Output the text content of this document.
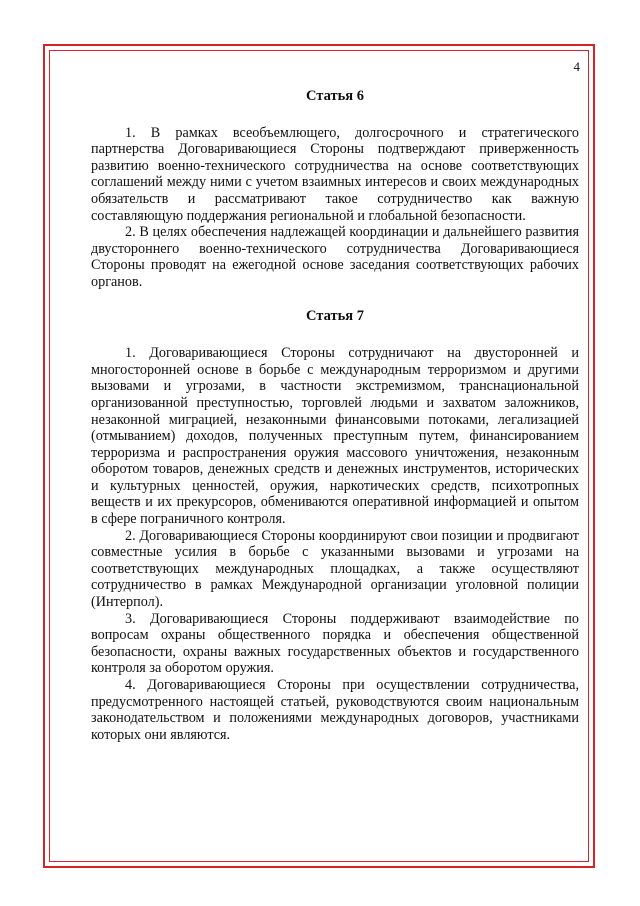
4

Статья 6

1. В рамках всеобъемлющего, долгосрочного и стратегического партнерства Договаривающиеся Стороны подтверждают приверженность развитию военно-технического сотрудничества на основе соответствующих соглашений между ними с учетом взаимных интересов и своих международных обязательств и рассматривают такое сотрудничество как важную составляющую поддержания региональной и глобальной безопасности.

2. В целях обеспечения надлежащей координации и дальнейшего развития двустороннего военно-технического сотрудничества Договаривающиеся Стороны проводят на ежегодной основе заседания соответствующих рабочих органов.

Статья 7

1. Договаривающиеся Стороны сотрудничают на двусторонней и многосторонней основе в борьбе с международным терроризмом и другими вызовами и угрозами, в частности экстремизмом, транснациональной организованной преступностью, торговлей людьми и захватом заложников, незаконной миграцией, незаконными финансовыми потоками, легализацией (отмыванием) доходов, полученных преступным путем, финансированием терроризма и распространения оружия массового уничтожения, незаконным оборотом товаров, денежных средств и денежных инструментов, исторических и культурных ценностей, оружия, наркотических средств, психотропных веществ и их прекурсоров, обмениваются оперативной информацией и опытом в сфере пограничного контроля.

2. Договаривающиеся Стороны координируют свои позиции и продвигают совместные усилия в борьбе с указанными вызовами и угрозами на соответствующих международных площадках, а также осуществляют сотрудничество в рамках Международной организации уголовной полиции (Интерпол).

3. Договаривающиеся Стороны поддерживают взаимодействие по вопросам охраны общественного порядка и обеспечения общественной безопасности, охраны важных государственных объектов и государственного контроля за оборотом оружия.

4. Договаривающиеся Стороны при осуществлении сотрудничества, предусмотренного настоящей статьей, руководствуются своим национальным законодательством и положениями международных договоров, участниками которых они являются.
